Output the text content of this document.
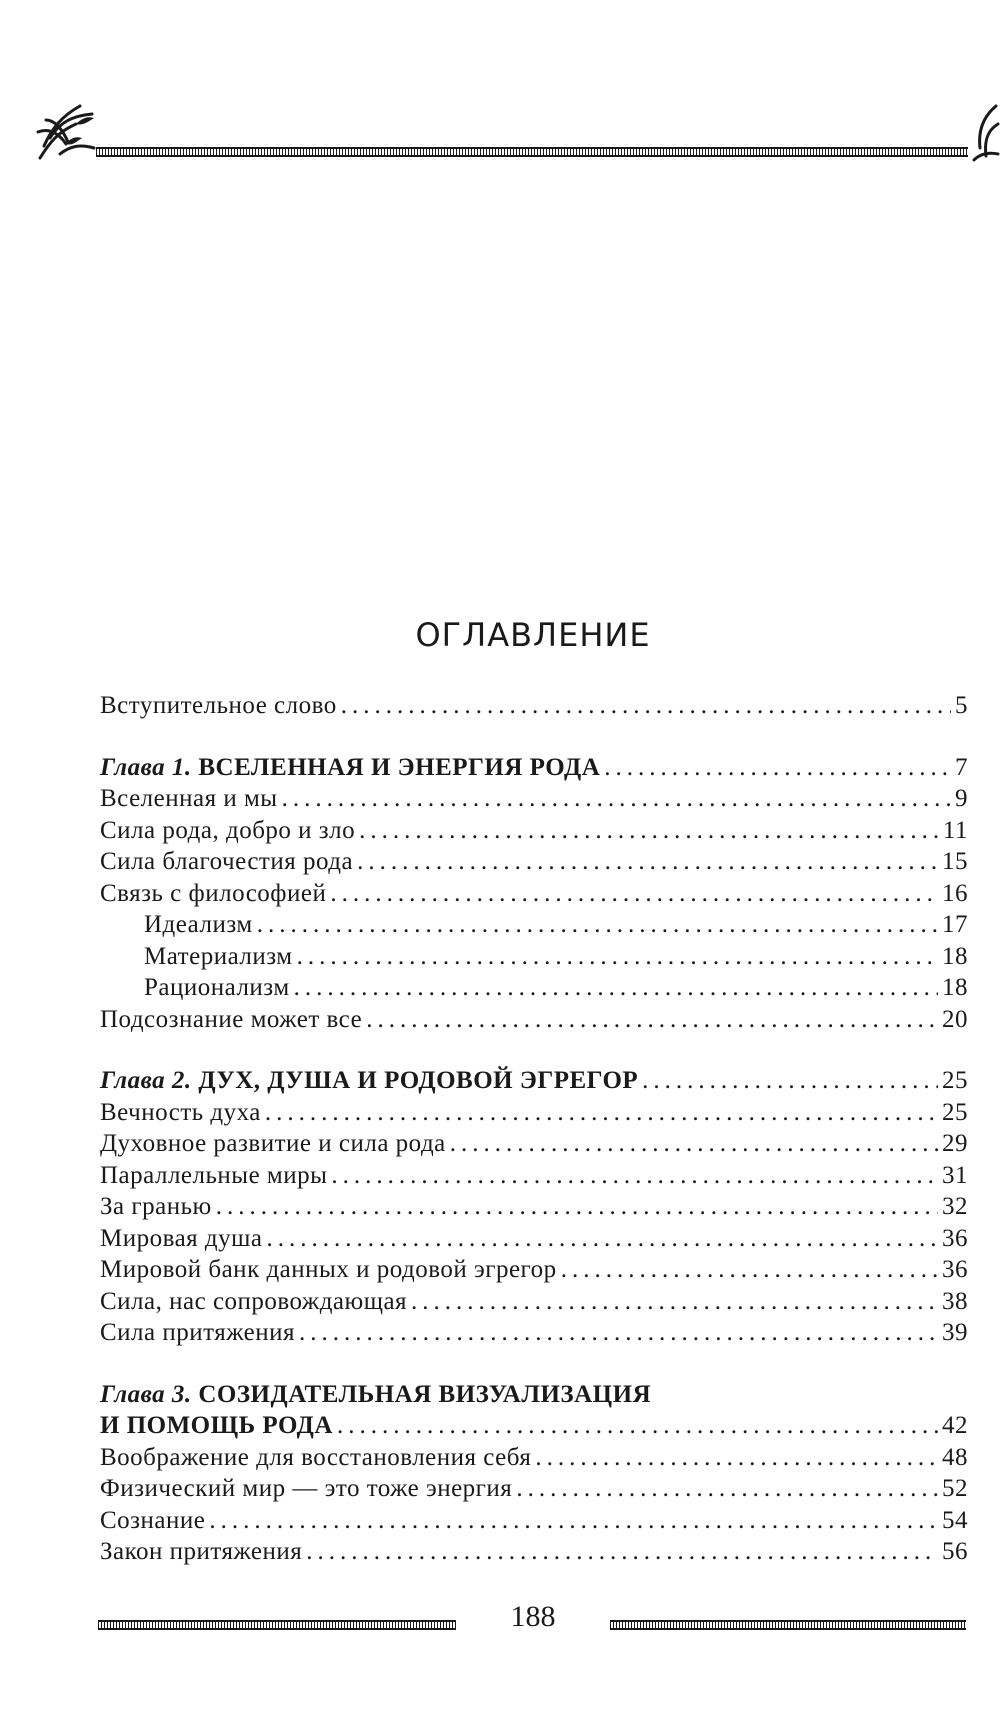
ОГЛАВЛЕНИЕ
Вступительное слово .....	5
Глава 1. ВСЕЛЕННАЯ И ЭНЕРГИЯ РОДА .....	7
Вселенная и мы .....	9
Сила рода, добро и зло .....	11
Сила благочестия рода .....	15
Связь с философией .....	16
Идеализм .....	17
Материализм .....	18
Рационализм .....	18
Подсознание может все .....	20
Глава 2. ДУХ, ДУША И РОДОВОЙ ЭГРЕГОР .....	25
Вечность духа .....	25
Духовное развитие и сила рода .....	29
Параллельные миры .....	31
За гранью .....	32
Мировая душа .....	36
Мировой банк данных и родовой эгрегор .....	36
Сила, нас сопровождающая .....	38
Сила притяжения .....	39
Глава 3. СОЗИДАТЕЛЬНАЯ ВИЗУАЛИЗАЦИЯ
И ПОМОЩЬ РОДА .....	42
Воображение для восстановления себя .....	48
Физический мир — это тоже энергия .....	52
Сознание .....	54
Закон притяжения .....	56
188
